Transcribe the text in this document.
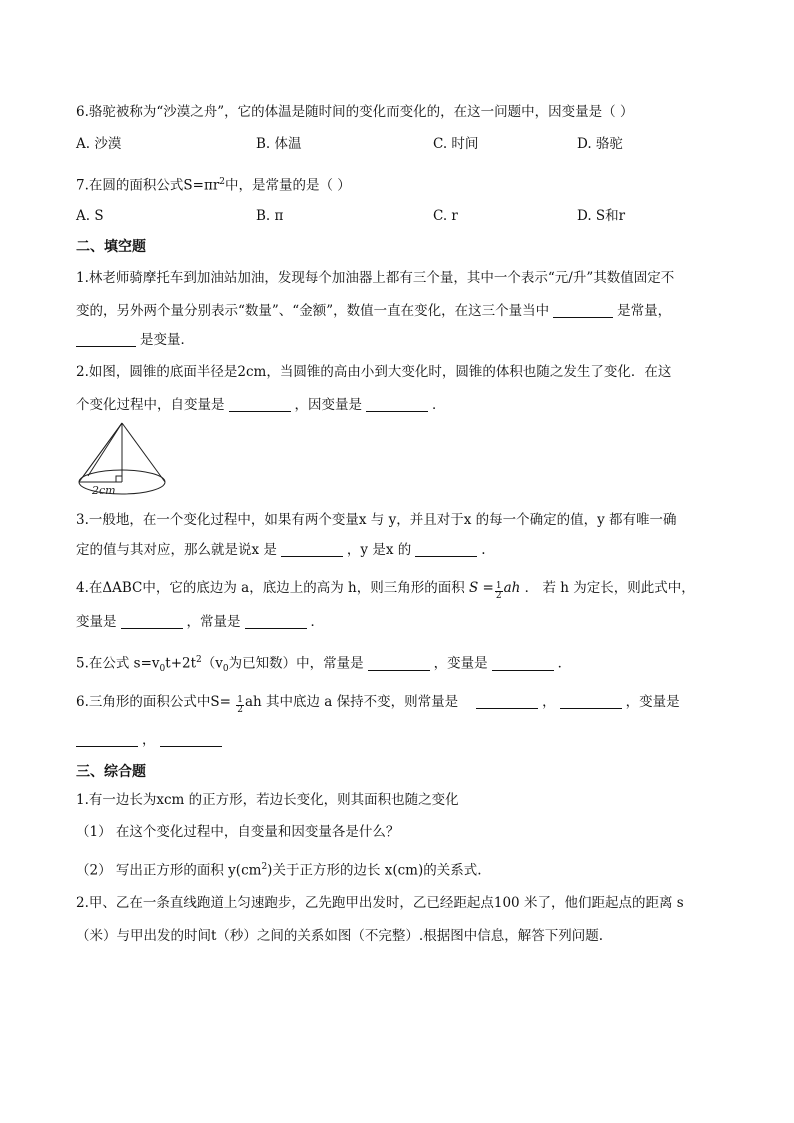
6.骆驼被称为“沙漠之舟”，它的体温是随时间的变化而变化的，在这一问题中，因变量是（ ）
A. 沙漠	B. 体温	C. 时间	D. 骆驼
7.在圆的面积公式$S=\pi r^2$中，是常量的是（ ）
A. S	B. π	C. r	D. S和r
二、填空题
1.林老师骑摩托车到加油站加油，发现每个加油器上都有三个量，其中一个表示“元/升”其数值固定不
变的，另外两个量分别表示“数量”、“金额”，数值一直在变化，在这三个量当中	是常量，
是变量．
2.如图，圆锥的底面半径是2cm，当圆锥的高由小到大变化时，圆锥的体积也随之发生了变化．在这
个变化过程中，自变量是	，因变量是	．
2cm
3.一般地，在一个变化过程中，如果有两个变量x 与 y，并且对于x 的每一个确定的值，y 都有唯一确
定的值与其对应，那么就是说x 是	，y 是x 的	.
4.在ΔABC中，它的底边为 a，底边上的高为 h，则三角形的面积 $S = \frac{1}{2}$ ah ． 若 h 为定长，则此式中，
变量是	，常量是	．
5.在公式 $s=v_0t+2t^2(v_0$为已知数）中，常量是	，变量是	．
6.三角形的面积公式中$S= \frac{1}{2}$ ah 其中底边 a 保持不变，则常量是	，	，变量是
，
三、综合题
1.有一边长为xcm 的正方形，若边长变化，则其面积也随之变化
（1） 在这个变化过程中，自变量和因变量各是什么？
（2） 写出正方形的面积 $y(cm^2)$关于正方形的边长 x(cm)的关系式.
2.甲、乙在一条直线跑道上匀速跑步，乙先跑甲出发时，乙已经距起点100 米了，他们距起点的距离 s
（米）与甲出发的时间t（秒）之间的关系如图（不完整）.根据图中信息，解答下列问题.
